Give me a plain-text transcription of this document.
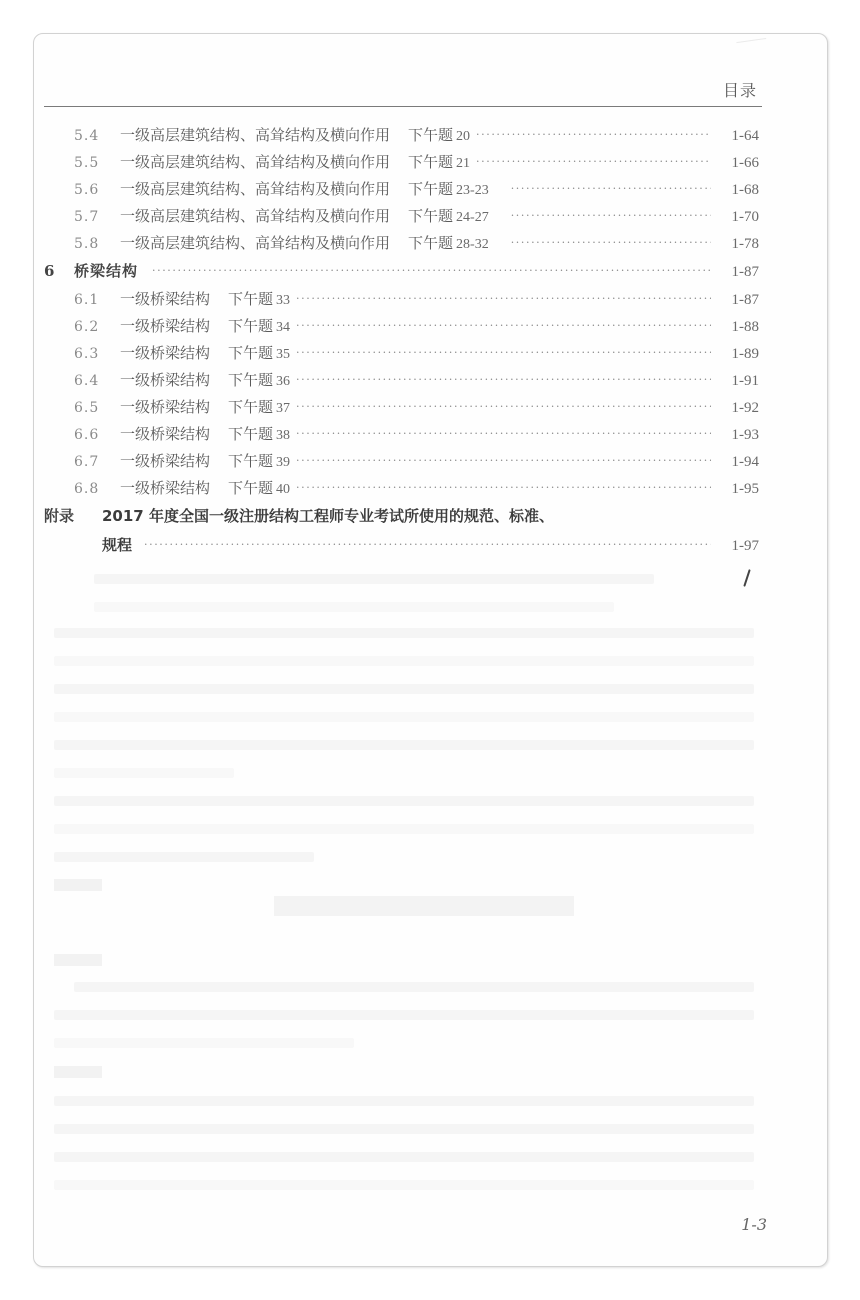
目录
5.4	一级高层建筑结构、高耸结构及横向作用 下午题 20 ·····	1-64
5.5	一级高层建筑结构、高耸结构及横向作用 下午题 21 ·····	1-66
5.6	一级高层建筑结构、高耸结构及横向作用 下午题 23-23 ·····	1-68
5.7	一级高层建筑结构、高耸结构及横向作用 下午题 24-27 ·····	1-70
5.8	一级高层建筑结构、高耸结构及横向作用 下午题 28-32 ·····	1-78
6	桥梁结构 ·····	1-87
6.1	一级桥梁结构 下午题 33 ·····	1-87
6.2	一级桥梁结构 下午题 34 ·····	1-88
6.3	一级桥梁结构 下午题 35 ·····	1-89
6.4	一级桥梁结构 下午题 36 ·····	1-91
6.5	一级桥梁结构 下午题 37 ·····	1-92
6.6	一级桥梁结构 下午题 38 ·····	1-93
6.7	一级桥梁结构 下午题 39 ·····	1-94
6.8	一级桥梁结构 下午题 40 ·····	1-95
附录	2017 年度全国一级注册结构工程师专业考试所使用的规范、标准、
规程 ·····	1-97
1-3
